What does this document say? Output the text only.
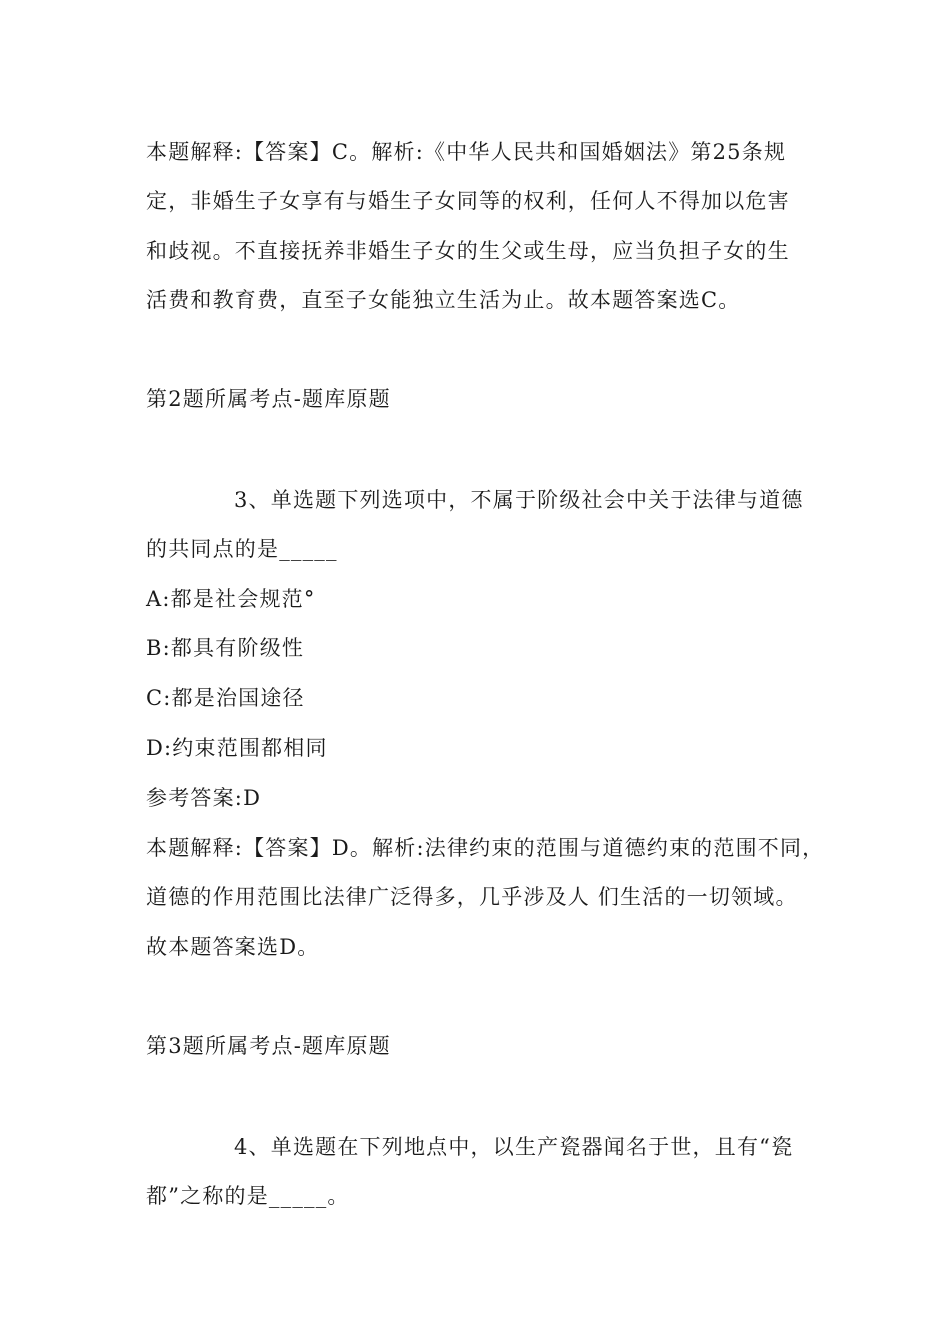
本题解释:【答案】C。解析:《中华人民共和国婚姻法》第25条规
定，非婚生子女享有与婚生子女同等的权利，任何人不得加以危害
和歧视。不直接抚养非婚生子女的生父或生母，应当负担子女的生
活费和教育费，直至子女能独立生活为止。故本题答案选C。
第2题所属考点-题库原题
3、单选题下列选项中，不属于阶级社会中关于法律与道德
的共同点的是_____
A:都是社会规范°
B:都具有阶级性
C:都是治国途径
D:约束范围都相同
参考答案:D
本题解释:【答案】D。解析:法律约束的范围与道德约束的范围不同，
道德的作用范围比法律广泛得多，几乎涉及人 们生活的一切领域。
故本题答案选D。
第3题所属考点-题库原题
4、单选题在下列地点中，以生产瓷器闻名于世，且有“瓷
都”之称的是_____。
